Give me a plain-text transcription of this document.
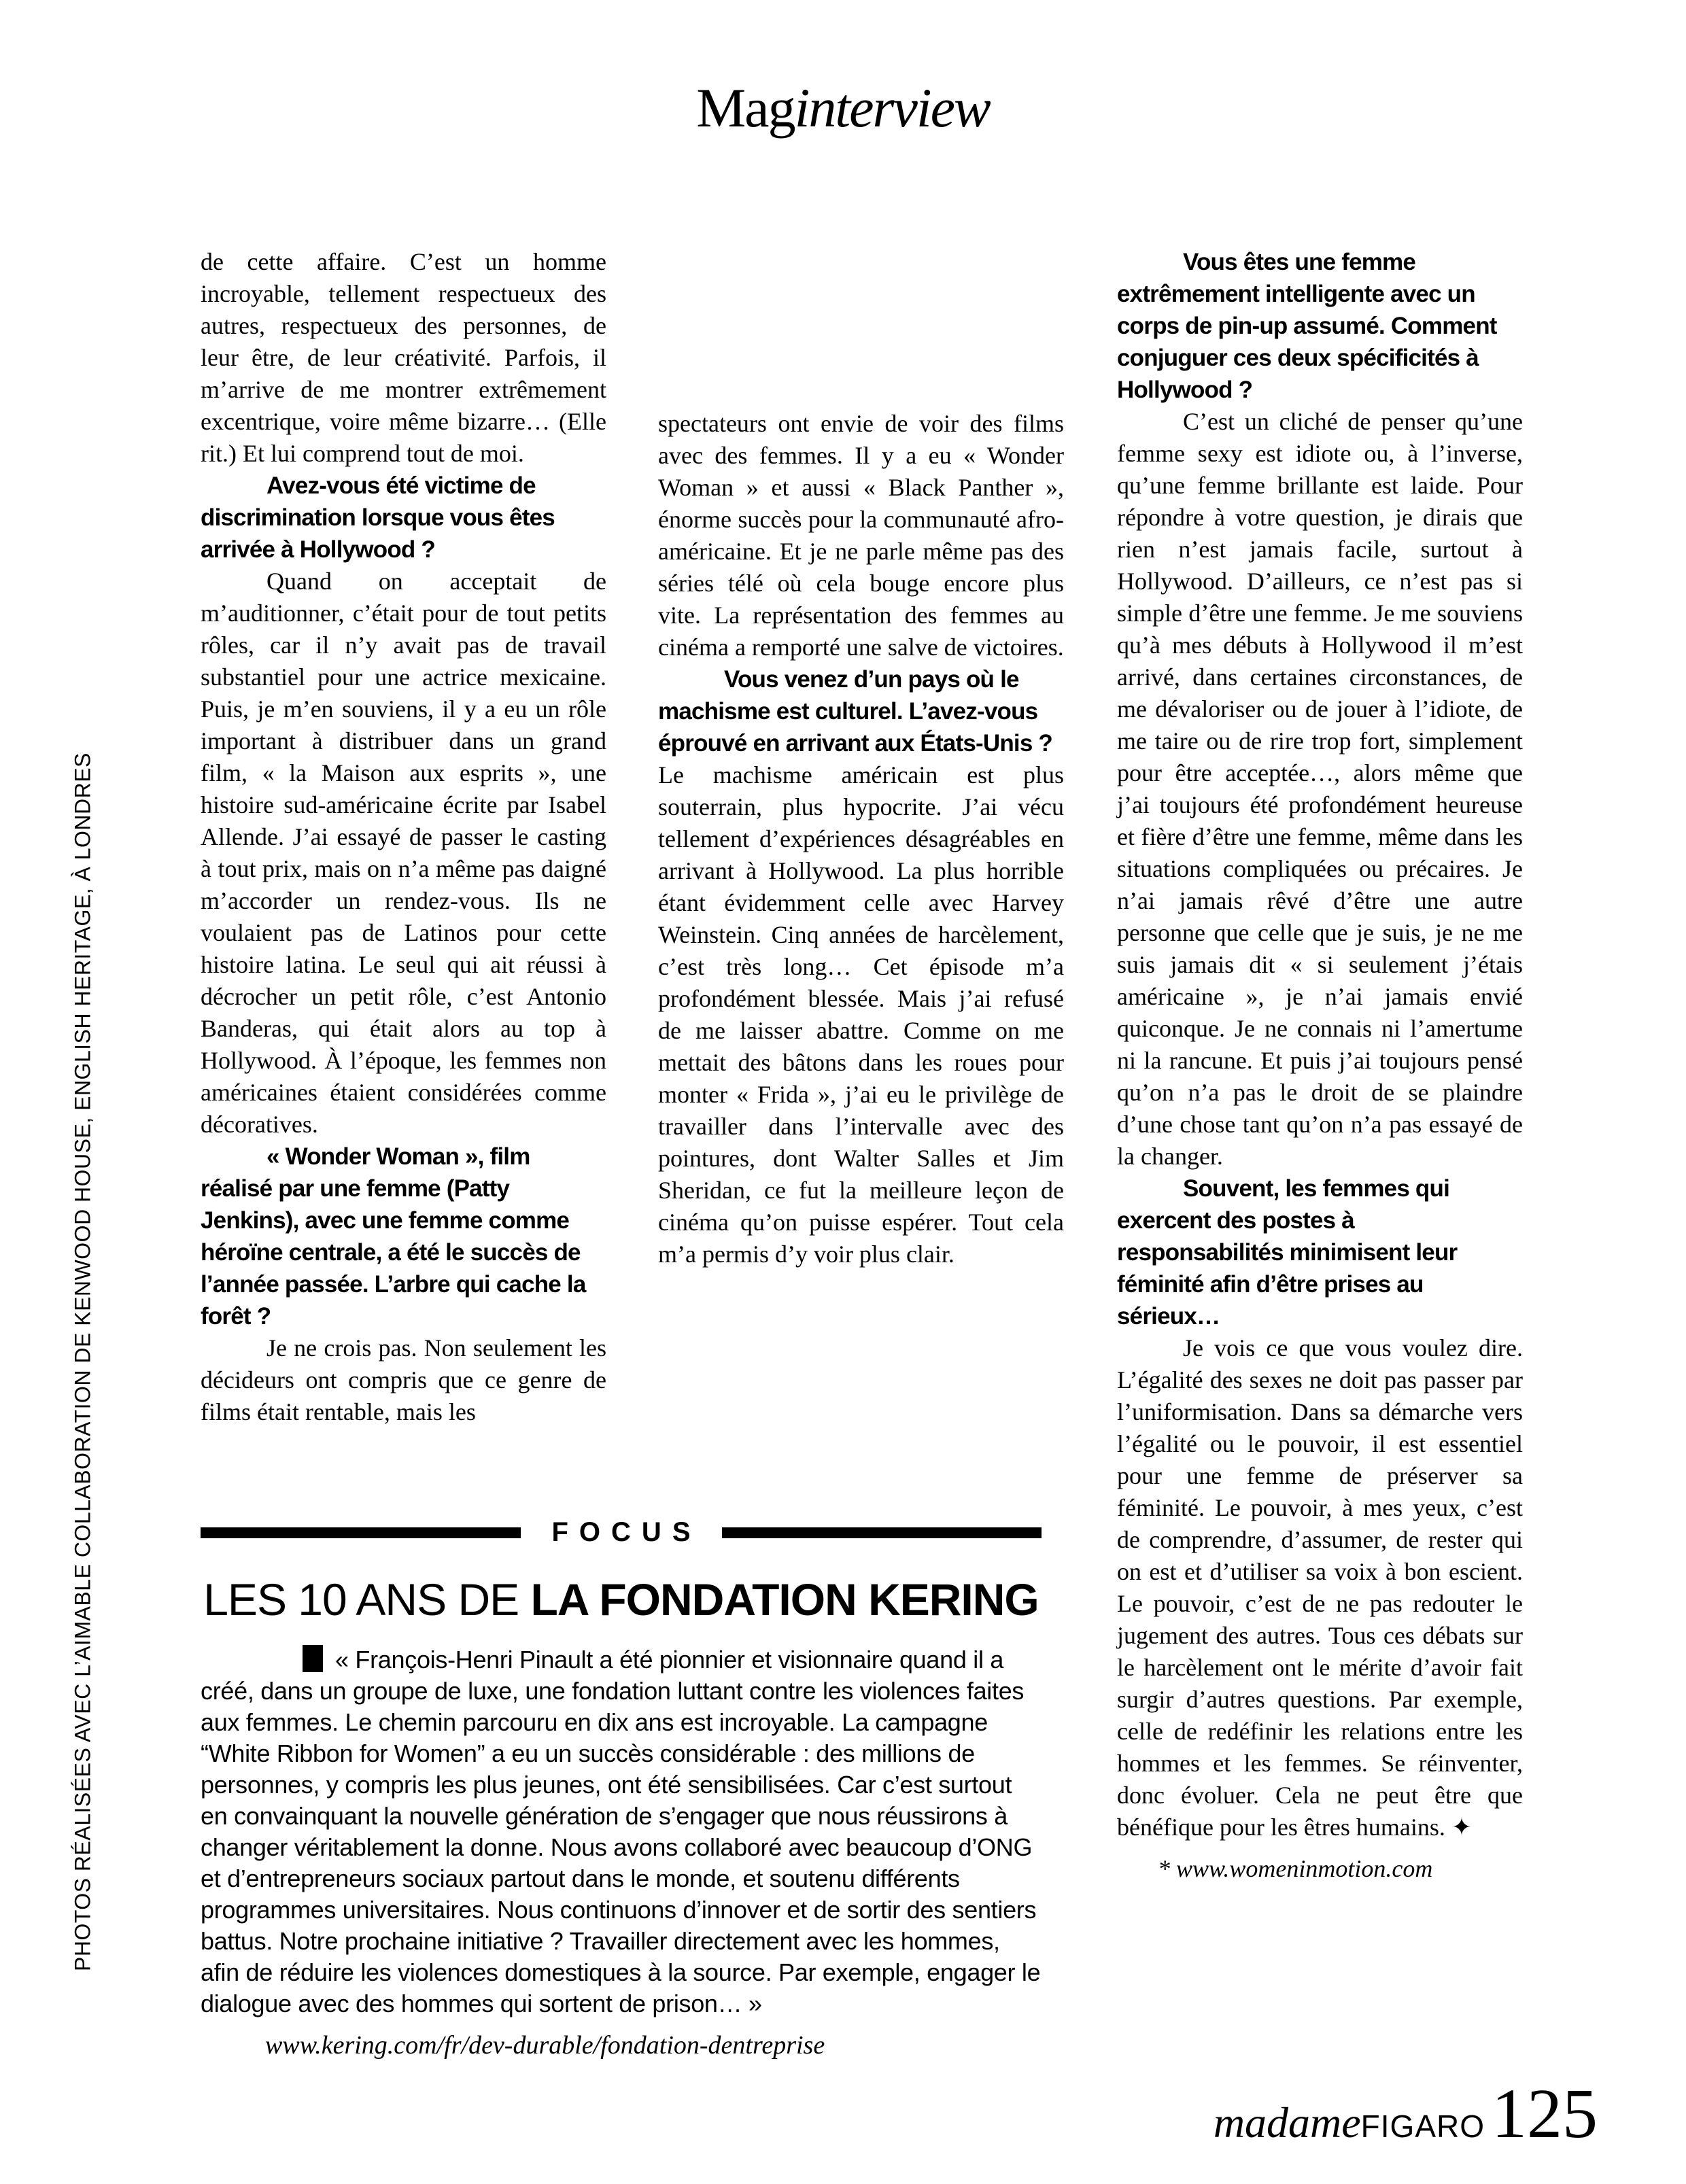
Maginterview

de cette affaire. C’est un homme incroyable, tellement respectueux des autres, respectueux des personnes, de leur être, de leur créativité. Parfois, il m’arrive de me montrer extrêmement excentrique, voire même bizarre… (Elle rit.) Et lui comprend tout de moi.

Avez-vous été victime de discrimination lorsque vous êtes arrivée à Hollywood ?

Quand on acceptait de m’auditionner, c’était pour de tout petits rôles, car il n’y avait pas de travail substantiel pour une actrice mexicaine. Puis, je m’en souviens, il y a eu un rôle important à distribuer dans un grand film, « la Maison aux esprits », une histoire sud-américaine écrite par Isabel Allende. J’ai essayé de passer le casting à tout prix, mais on n’a même pas daigné m’accorder un rendez-vous. Ils ne voulaient pas de Latinos pour cette histoire latina. Le seul qui ait réussi à décrocher un petit rôle, c’est Antonio Banderas, qui était alors au top à Hollywood. À l’époque, les femmes non américaines étaient considérées comme décoratives.

« Wonder Woman », film réalisé par une femme (Patty Jenkins), avec une femme comme héroïne centrale, a été le succès de l’année passée. L’arbre qui cache la forêt ?

Je ne crois pas. Non seulement les décideurs ont compris que ce genre de films était rentable, mais les

spectateurs ont envie de voir des films avec des femmes. Il y a eu « Wonder Woman » et aussi « Black Panther », énorme succès pour la communauté afro-américaine. Et je ne parle même pas des séries télé où cela bouge encore plus vite. La représentation des femmes au cinéma a remporté une salve de victoires.

Vous venez d’un pays où le machisme est culturel. L’avez-vous éprouvé en arrivant aux États-Unis ?

Le machisme américain est plus souterrain, plus hypocrite. J’ai vécu tellement d’expériences désagréables en arrivant à Hollywood. La plus horrible étant évidemment celle avec Harvey Weinstein. Cinq années de harcèlement, c’est très long… Cet épisode m’a profondément blessée. Mais j’ai refusé de me laisser abattre. Comme on me mettait des bâtons dans les roues pour monter « Frida », j’ai eu le privilège de travailler dans l’intervalle avec des pointures, dont Walter Salles et Jim Sheridan, ce fut la meilleure leçon de cinéma qu’on puisse espérer. Tout cela m’a permis d’y voir plus clair.

Vous êtes une femme extrêmement intelligente avec un corps de pin-up assumé. Comment conjuguer ces deux spécificités à Hollywood ?

C’est un cliché de penser qu’une femme sexy est idiote ou, à l’inverse, qu’une femme brillante est laide. Pour répondre à votre question, je dirais que rien n’est jamais facile, surtout à Hollywood. D’ailleurs, ce n’est pas si simple d’être une femme. Je me souviens qu’à mes débuts à Hollywood il m’est arrivé, dans certaines circonstances, de me dévaloriser ou de jouer à l’idiote, de me taire ou de rire trop fort, simplement pour être acceptée…, alors même que j’ai toujours été profondément heureuse et fière d’être une femme, même dans les situations compliquées ou précaires. Je n’ai jamais rêvé d’être une autre personne que celle que je suis, je ne me suis jamais dit « si seulement j’étais américaine », je n’ai jamais envié quiconque. Je ne connais ni l’amertume ni la rancune. Et puis j’ai toujours pensé qu’on n’a pas le droit de se plaindre d’une chose tant qu’on n’a pas essayé de la changer.

Souvent, les femmes qui exercent des postes à responsabilités minimisent leur féminité afin d’être prises au sérieux…

Je vois ce que vous voulez dire. L’égalité des sexes ne doit pas passer par l’uniformisation. Dans sa démarche vers l’égalité ou le pouvoir, il est essentiel pour une femme de préserver sa féminité. Le pouvoir, à mes yeux, c’est de comprendre, d’assumer, de rester qui on est et d’utiliser sa voix à bon escient. Le pouvoir, c’est de ne pas redouter le jugement des autres. Tous ces débats sur le harcèlement ont le mérite d’avoir fait surgir d’autres questions. Par exemple, celle de redéfinir les relations entre les hommes et les femmes. Se réinventer, donc évoluer. Cela ne peut être que bénéfique pour les êtres humains. ✦

* www.womeninmotion.com

FOCUS
LES 10 ANS DE LA FONDATION KERING

« François-Henri Pinault a été pionnier et visionnaire quand il a créé, dans un groupe de luxe, une fondation luttant contre les violences faites aux femmes. Le chemin parcouru en dix ans est incroyable. La campagne “White Ribbon for Women” a eu un succès considérable : des millions de personnes, y compris les plus jeunes, ont été sensibilisées. Car c’est surtout en convainquant la nouvelle génération de s’engager que nous réussirons à changer véritablement la donne. Nous avons collaboré avec beaucoup d’ONG et d’entrepreneurs sociaux partout dans le monde, et soutenu différents programmes universitaires. Nous continuons d’innover et de sortir des sentiers battus. Notre prochaine initiative ? Travailler directement avec les hommes, afin de réduire les violences domestiques à la source. Par exemple, engager le dialogue avec des hommes qui sortent de prison… »

www.kering.com/fr/dev-durable/fondation-dentreprise

PHOTOS RÉALISÉES AVEC L’AIMABLE COLLABORATION DE KENWOOD HOUSE, ENGLISH HERITAGE, À LONDRES
madameFIGARO125
